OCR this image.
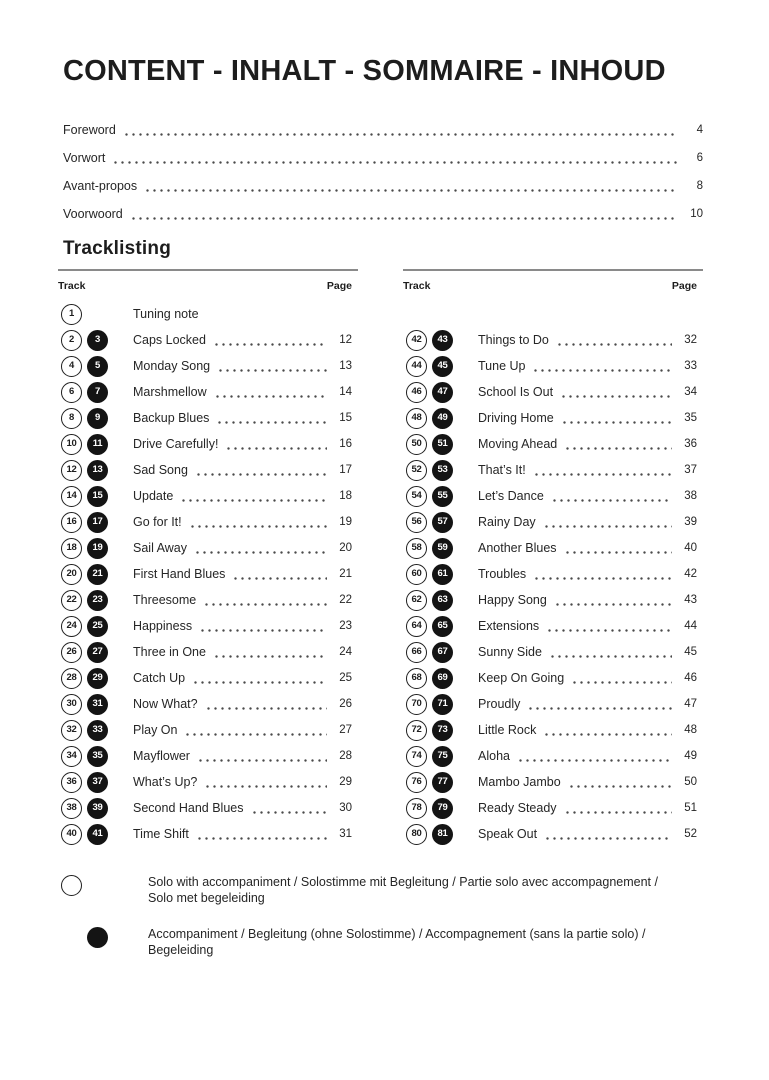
CONTENT - INHALT - SOMMAIRE - INHOUD
Foreword	4
Vorwort	6
Avant-propos	8
Voorwoord	10
Tracklisting
Track	Page
1	Tuning note
2	3	Caps Locked	12
4	5	Monday Song	13
6	7	Marshmellow	14
8	9	Backup Blues	15
10	11	Drive Carefully!	16
12	13	Sad Song	17
14	15	Update	18
16	17	Go for It!	19
18	19	Sail Away	20
20	21	First Hand Blues	21
22	23	Threesome	22
24	25	Happiness	23
26	27	Three in One	24
28	29	Catch Up	25
30	31	Now What?	26
32	33	Play On	27
34	35	Mayflower	28
36	37	What’s Up?	29
38	39	Second Hand Blues	30
40	41	Time Shift	31
Track	Page
42	43	Things to Do	32
44	45	Tune Up	33
46	47	School Is Out	34
48	49	Driving Home	35
50	51	Moving Ahead	36
52	53	That’s It!	37
54	55	Let’s Dance	38
56	57	Rainy Day	39
58	59	Another Blues	40
60	61	Troubles	42
62	63	Happy Song	43
64	65	Extensions	44
66	67	Sunny Side	45
68	69	Keep On Going	46
70	71	Proudly	47
72	73	Little Rock	48
74	75	Aloha	49
76	77	Mambo Jambo	50
78	79	Ready Steady	51
80	81	Speak Out	52
Solo with accompaniment / Solostimme mit Begleitung / Partie solo avec accompagnement /
Solo met begeleiding
Accompaniment / Begleitung (ohne Solostimme) / Accompagnement (sans la partie solo) /
Begeleiding
